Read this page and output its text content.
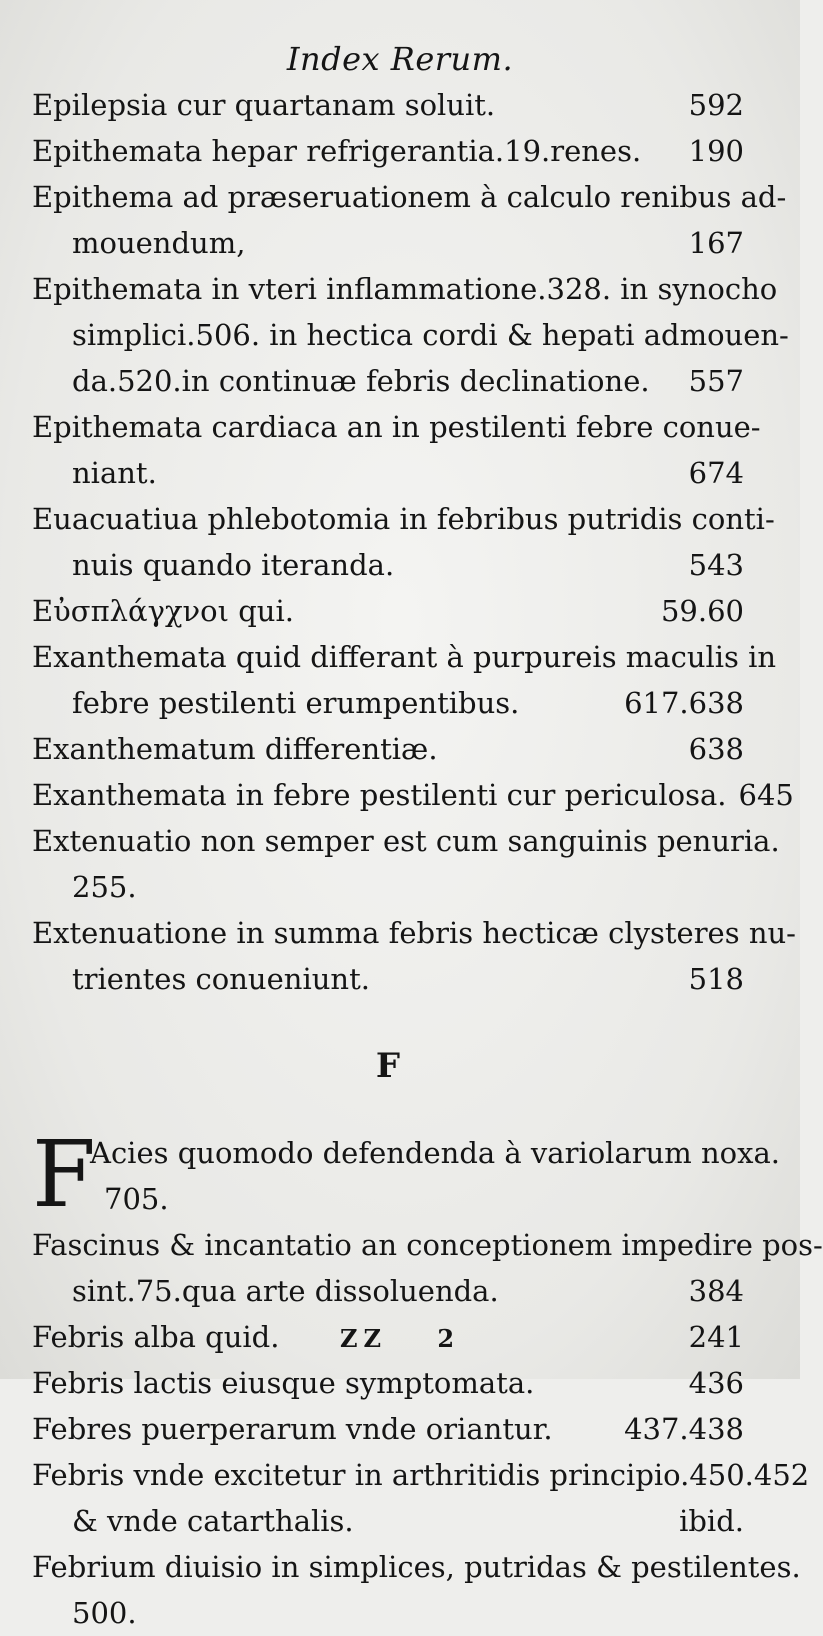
Index Rerum.
Epilepsia cur quartanam soluit.	592
Epithemata hepar refrigerantia.19.renes.	190
Epithema ad præseruationem à calculo renibus ad-
mouendum,	167
Epithemata in vteri inflammatione.328. in synocho
simplici.506. in hectica cordi & hepati admouen-
da.520.in continuæ febris declinatione.	557
Epithemata cardiaca an in pestilenti febre conue-
niant.	674
Euacuatiua phlebotomia in febribus putridis conti-
nuis quando iteranda.	543
Εὐσπλάγχνοι qui.	59.60
Exanthemata quid differant à purpureis maculis in
febre pestilenti erumpentibus.	617.638
Exanthematum differentiæ.	638
Exanthemata in febre pestilenti cur periculosa. 645
Extenuatio non semper est cum sanguinis penuria.
255.
Extenuatione in summa febris hecticæ clysteres nu-
trientes conueniunt.	518
F
F
Acies quomodo defendenda à variolarum noxa.
705.
Fascinus & incantatio an conceptionem impedire pos-
sint.75.qua arte dissoluenda.	384
Febris alba quid.	241
Febris lactis eiusque symptomata.	436
Febres puerperarum vnde oriantur.	437.438
Febris vnde excitetur in arthritidis principio.450.452
& vnde catarthalis.	ibid.
Febrium diuisio in simplices, putridas & pestilentes.
500.
ZZ 2
